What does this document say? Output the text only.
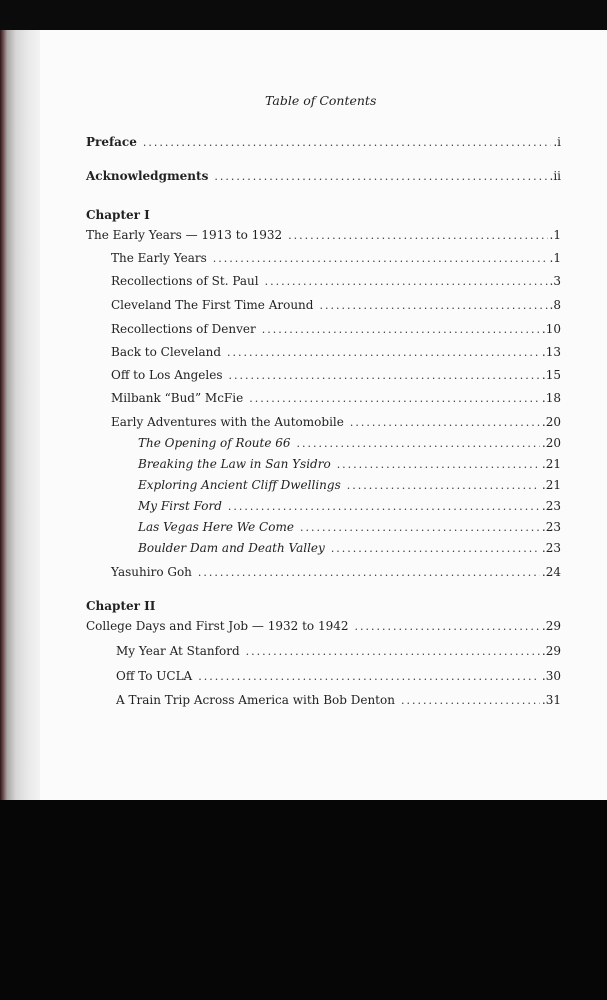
Table of Contents
Preface .....	.i
Acknowledgments .....	.ii
Chapter I
The Early Years — 1913 to 1932 .....	.1
The Early Years .....	.1
Recollections of St. Paul .....	.3
Cleveland The First Time Around .....	.8
Recollections of Denver .....	.10
Back to Cleveland .....	.13
Off to Los Angeles .....	.15
Milbank “Bud” McFie .....	.18
Early Adventures with the Automobile .....	.20
The Opening of Route 66 .....	.20
Breaking the Law in San Ysidro .....	.21
Exploring Ancient Cliff Dwellings .....	.21
My First Ford .....	.23
Las Vegas Here We Come .....	.23
Boulder Dam and Death Valley .....	.23
Yasuhiro Goh .....	.24
Chapter II
College Days and First Job — 1932 to 1942 .....	.29
My Year At Stanford .....	.29
Off To UCLA .....	.30
A Train Trip Across America with Bob Denton .....	.31
